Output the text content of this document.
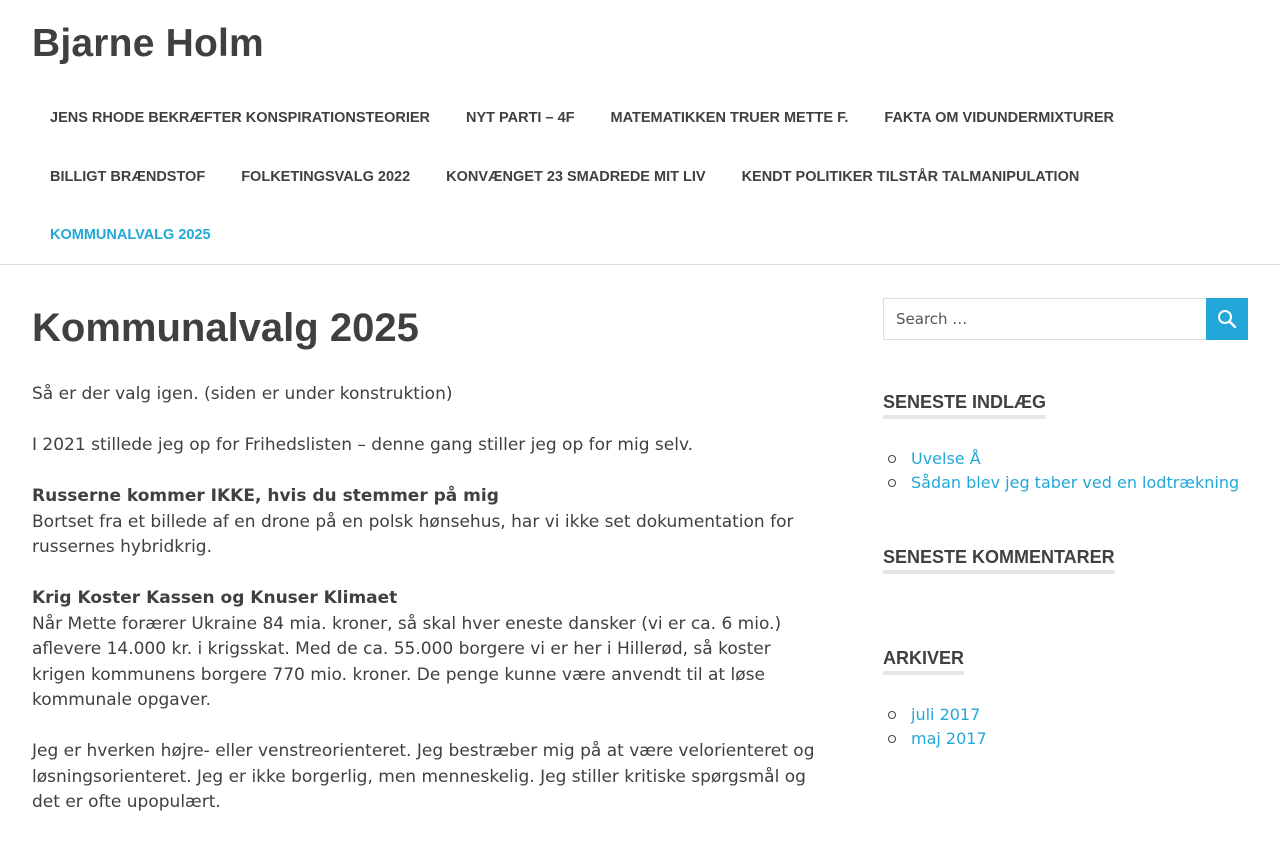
Bjarne Holm
JENS RHODE BEKRÆFTER KONSPIRATIONSTEORIER	NYT PARTI – 4F	MATEMATIKKEN TRUER METTE F.	FAKTA OM VIDUNDERMIXTURER
BILLIGT BRÆNDSTOF	FOLKETINGSVALG 2022	KONVÆNGET 23 SMADREDE MIT LIV	KENDT POLITIKER TILSTÅR TALMANIPULATION
KOMMUNALVALG 2025
Kommunalvalg 2025

Så er der valg igen. (siden er under konstruktion)

I 2021 stillede jeg op for Frihedslisten – denne gang stiller jeg op for mig selv.

Russerne kommer IKKE, hvis du stemmer på mig
Bortset fra et billede af en drone på en polsk hønsehus, har vi ikke set dokumentation for russernes hybridkrig.

Krig Koster Kassen og Knuser Klimaet
Når Mette forærer Ukraine 84 mia. kroner, så skal hver eneste dansker (vi er ca. 6 mio.) aflevere 14.000 kr. i krigsskat. Med de ca. 55.000 borgere vi er her i Hillerød, så koster krigen kommunens borgere 770 mio. kroner. De penge kunne være anvendt til at løse kommunale opgaver.

Jeg er hverken højre- eller venstreorienteret. Jeg bestræber mig på at være velorienteret og løsningsorienteret. Jeg er ikke borgerlig, men menneskelig. Jeg stiller kritiske spørgsmål og det er ofte upopulært.

Search …
SENESTE INDLÆG
Uvelse Å
Sådan blev jeg taber ved en lodtrækning
SENESTE KOMMENTARER
ARKIVER
juli 2017
maj 2017
